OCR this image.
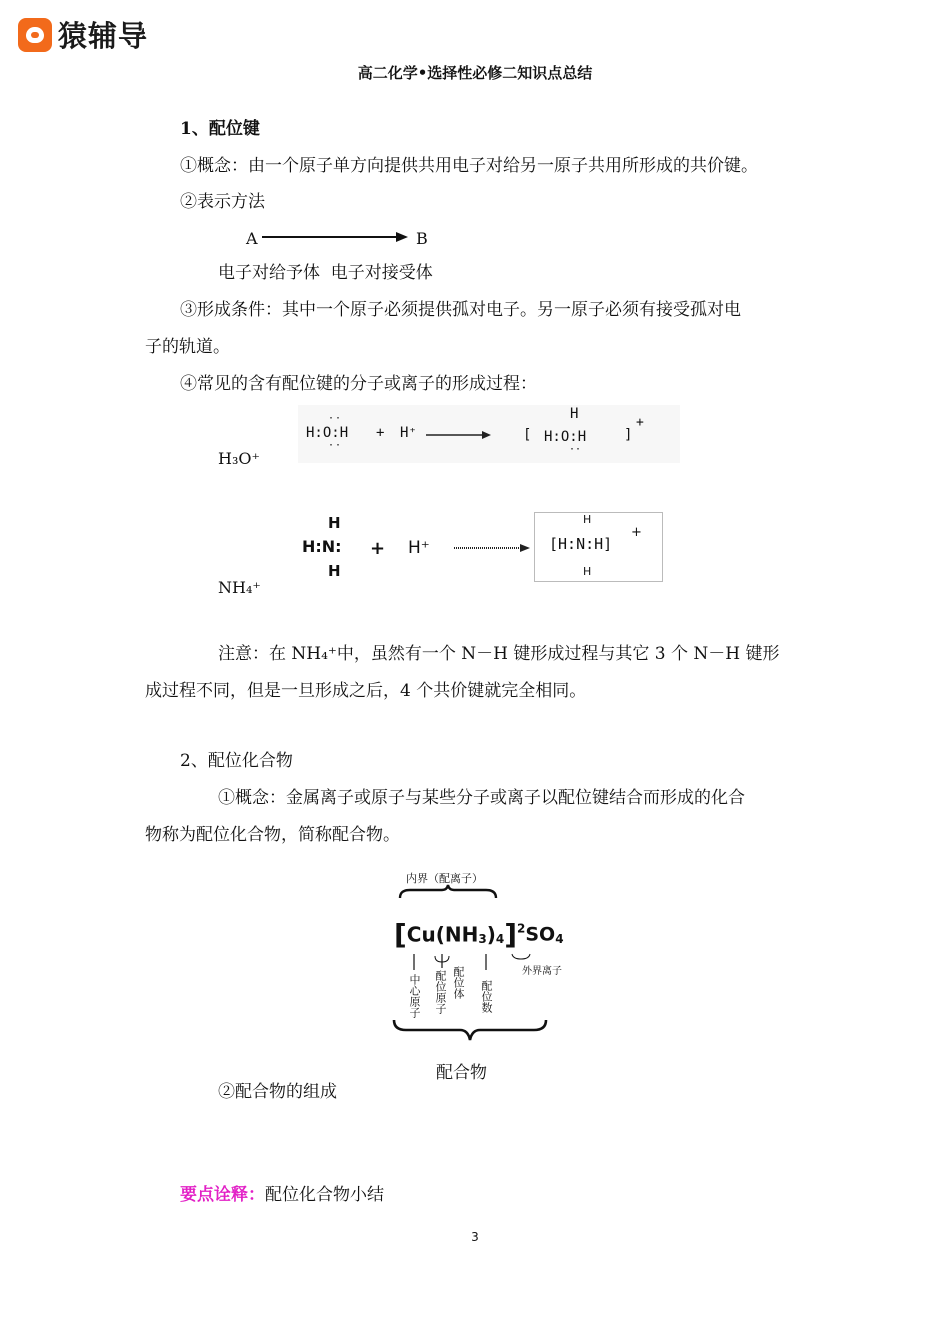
猿辅导
高二化学•选择性必修二知识点总结
1、配位键
①概念：由一个原子单方向提供共用电子对给另一原子共用所形成的共价键。
②表示方法
A	B
电子对给予体  电子对接受体
③形成条件：其中一个原子必须提供孤对电子。另一原子必须有接受孤对电
子的轨道。
④常见的含有配位键的分子或离子的形成过程：
H:O:H
··
··
+ H⁺	[
H
H:O:H
··
]
+
H₃O⁺
H
H:N:
H
+ H⁺
H
[H:N:H]
H
+
NH₄⁺
注意：在 NH₄⁺中，虽然有一个 N－H 键形成过程与其它 3 个 N－H 键形
成过程不同，但是一旦形成之后，4 个共价键就完全相同。
2、配位化合物
①概念：金属离子或原子与某些分子或离子以配位键结合而形成的化合
物称为配位化合物，简称配合物。
内界（配离子）
$[Cu(NH_3)_4]^2SO_4$
外界离子
中心原子 配位原子 配位体 配位数
配合物
②配合物的组成
要点诠释：配位化合物小结
3
